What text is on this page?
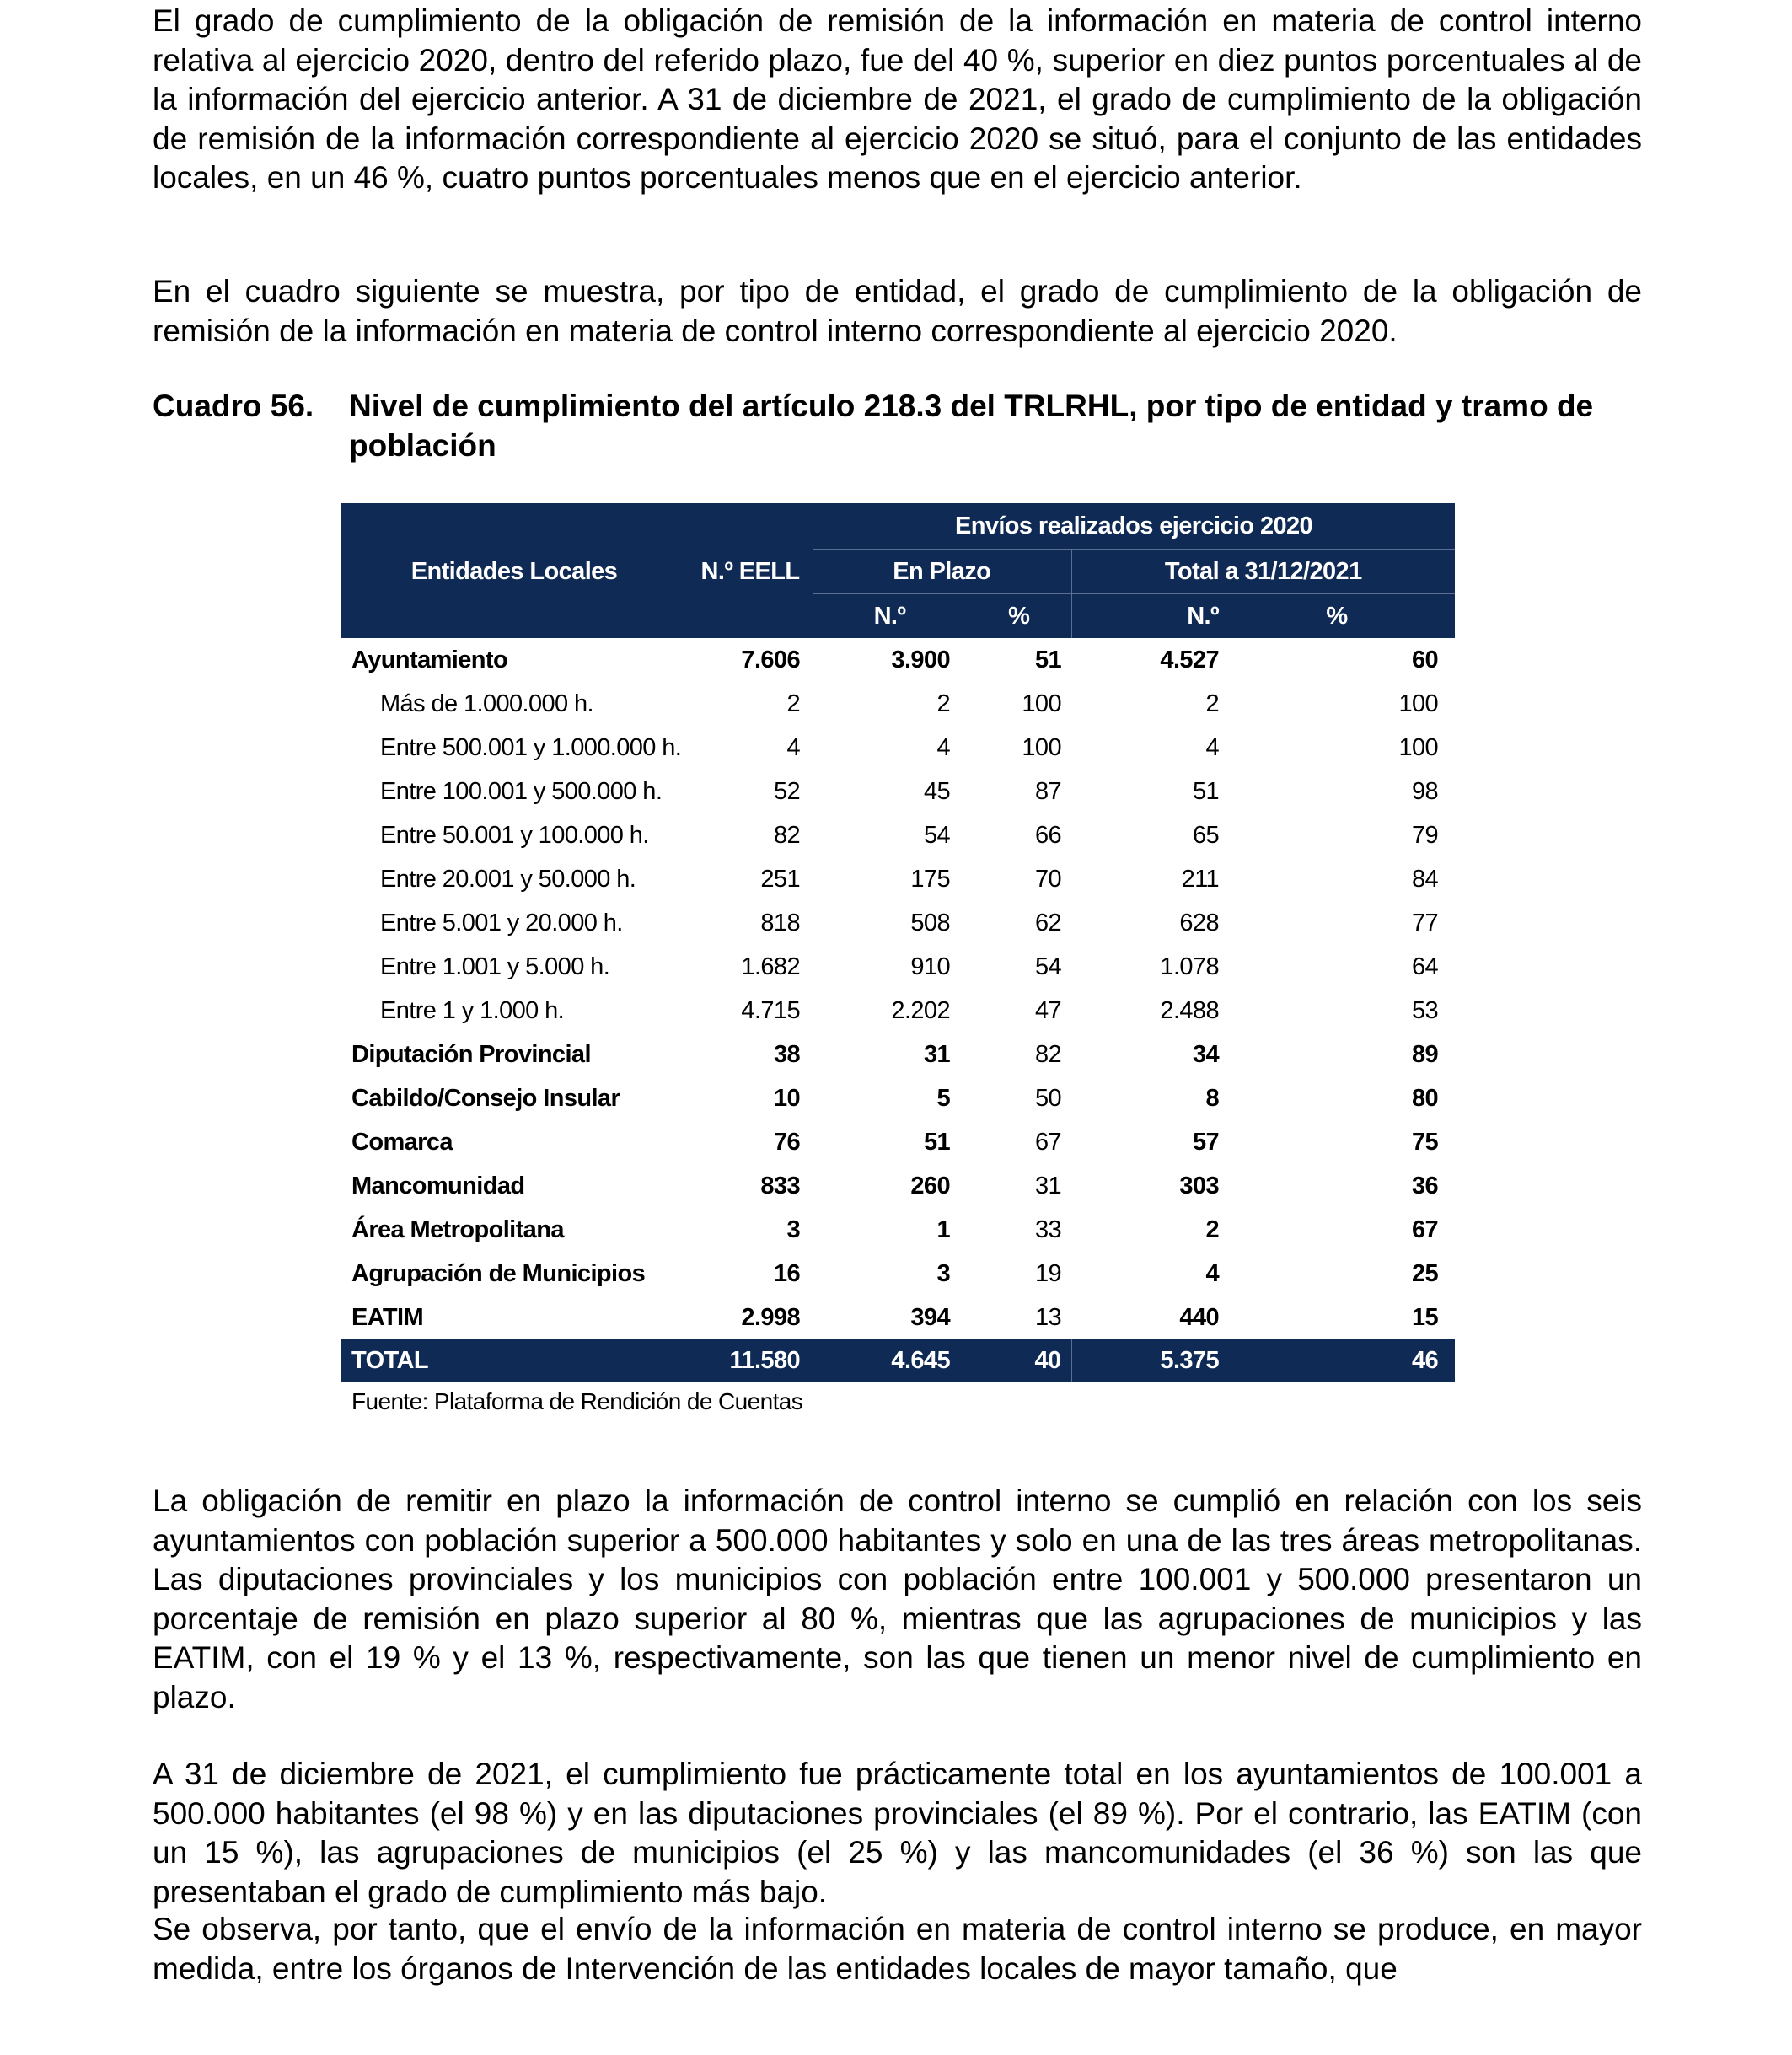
El grado de cumplimiento de la obligación de remisión de la información en materia de control interno relativa al ejercicio 2020, dentro del referido plazo, fue del 40 %, superior en diez puntos porcentuales al de la información del ejercicio anterior. A 31 de diciembre de 2021, el grado de cumplimiento de la obligación de remisión de la información correspondiente al ejercicio 2020 se situó, para el conjunto de las entidades locales, en un 46 %, cuatro puntos porcentuales menos que en el ejercicio anterior.

En el cuadro siguiente se muestra, por tipo de entidad, el grado de cumplimiento de la obligación de remisión de la información en materia de control interno correspondiente al ejercicio 2020.

Cuadro 56. Nivel de cumplimiento del artículo 218.3 del TRLRHL, por tipo de entidad y tramo de población

La obligación de remitir en plazo la información de control interno se cumplió en relación con los seis ayuntamientos con población superior a 500.000 habitantes y solo en una de las tres áreas metropolitanas. Las diputaciones provinciales y los municipios con población entre 100.001 y 500.000 presentaron un porcentaje de remisión en plazo superior al 80 %, mientras que las agrupaciones de municipios y las EATIM, con el 19 % y el 13 %, respectivamente, son las que tienen un menor nivel de cumplimiento en plazo.

A 31 de diciembre de 2021, el cumplimiento fue prácticamente total en los ayuntamientos de 100.001 a 500.000 habitantes (el 98 %) y en las diputaciones provinciales (el 89 %). Por el contrario, las EATIM (con un 15 %), las agrupaciones de municipios (el 25 %) y las mancomunidades (el 36 %) son las que presentaban el grado de cumplimiento más bajo.

Se observa, por tanto, que el envío de la información en materia de control interno se produce, en mayor medida, entre los órganos de Intervención de las entidades locales de mayor tamaño, que

		Envíos realizados ejercicio 2020			
Entidades Locales	N.º EELL	En Plazo		Total a 31/12/2021	
		N.º	%	N.º	%
Ayuntamiento	7.606	3.900	51	4.527	60
Más de 1.000.000 h.	2	2	100	2	100
Entre 500.001 y 1.000.000 h.	4	4	100	4	100
Entre 100.001 y 500.000 h.	52	45	87	51	98
Entre 50.001 y 100.000 h.	82	54	66	65	79
Entre 20.001 y 50.000 h.	251	175	70	211	84
Entre 5.001 y 20.000 h.	818	508	62	628	77
Entre 1.001 y 5.000 h.	1.682	910	54	1.078	64
Entre 1 y 1.000 h.	4.715	2.202	47	2.488	53
Diputación Provincial	38	31	82	34	89
Cabildo/Consejo Insular	10	5	50	8	80
Comarca	76	51	67	57	75
Mancomunidad	833	260	31	303	36
Área Metropolitana	3	1	33	2	67
Agrupación de Municipios	16	3	19	4	25
EATIM	2.998	394	13	440	15
TOTAL	11.580	4.645	40	5.375	46
Fuente: Plataforma de Rendición de Cuentas
